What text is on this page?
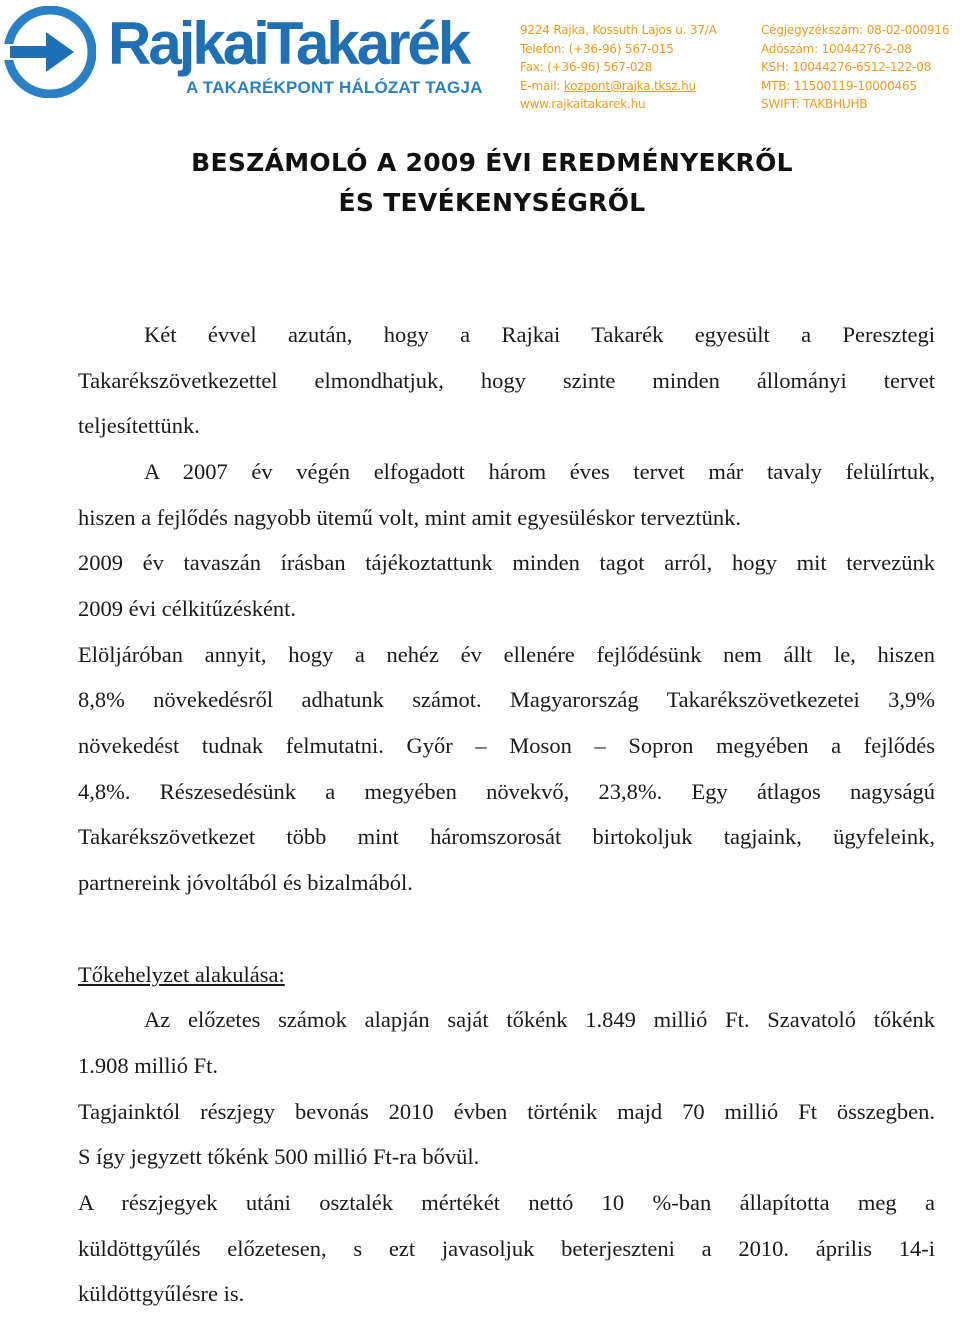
RajkaiTakarék
A TAKARÉKPONT HÁLÓZAT TAGJA
9224 Rajka, Kossuth Lajos u. 37/A
Telefon: (+36-96) 567-015
Fax: (+36-96) 567-028
E-mail: kozpont@rajka.tksz.hu
www.rajkaitakarek.hu
Cégjegyzékszám: 08-02-000916
Adószám: 10044276-2-08
KSH: 10044276-6512-122-08
MTB: 11500119-10000465
SWIFT: TAKBHUHB
BESZÁMOLÓ A 2009 ÉVI EREDMÉNYEKRŐL
ÉS TEVÉKENYSÉGRŐL
Két évvel azután, hogy a Rajkai Takarék egyesült a Peresztegi
Takarékszövetkezettel elmondhatjuk, hogy szinte minden állományi tervet
teljesítettünk.
A 2007 év végén elfogadott három éves tervet már tavaly felülírtuk,
hiszen a fejlődés nagyobb ütemű volt, mint amit egyesüléskor terveztünk.
2009 év tavaszán írásban tájékoztattunk minden tagot arról, hogy mit tervezünk
2009 évi célkitűzésként.
Elöljáróban annyit, hogy a nehéz év ellenére fejlődésünk nem állt le, hiszen
8,8% növekedésről adhatunk számot. Magyarország Takarékszövetkezetei 3,9%
növekedést tudnak felmutatni. Győr – Moson – Sopron megyében a fejlődés
4,8%. Részesedésünk a megyében növekvő, 23,8%. Egy átlagos nagyságú
Takarékszövetkezet több mint háromszorosát birtokoljuk tagjaink, ügyfeleink,
partnereink jóvoltából és bizalmából.
Tőkehelyzet alakulása:
Az előzetes számok alapján saját tőkénk 1.849 millió Ft. Szavatoló tőkénk
1.908 millió Ft.
Tagjainktól részjegy bevonás 2010 évben történik majd 70 millió Ft összegben.
S így jegyzett tőkénk 500 millió Ft-ra bővül.
A részjegyek utáni osztalék mértékét nettó 10 %-ban állapította meg a
küldöttgyűlés előzetesen, s ezt javasoljuk beterjeszteni a 2010. április 14-i
küldöttgyűlésre is.
